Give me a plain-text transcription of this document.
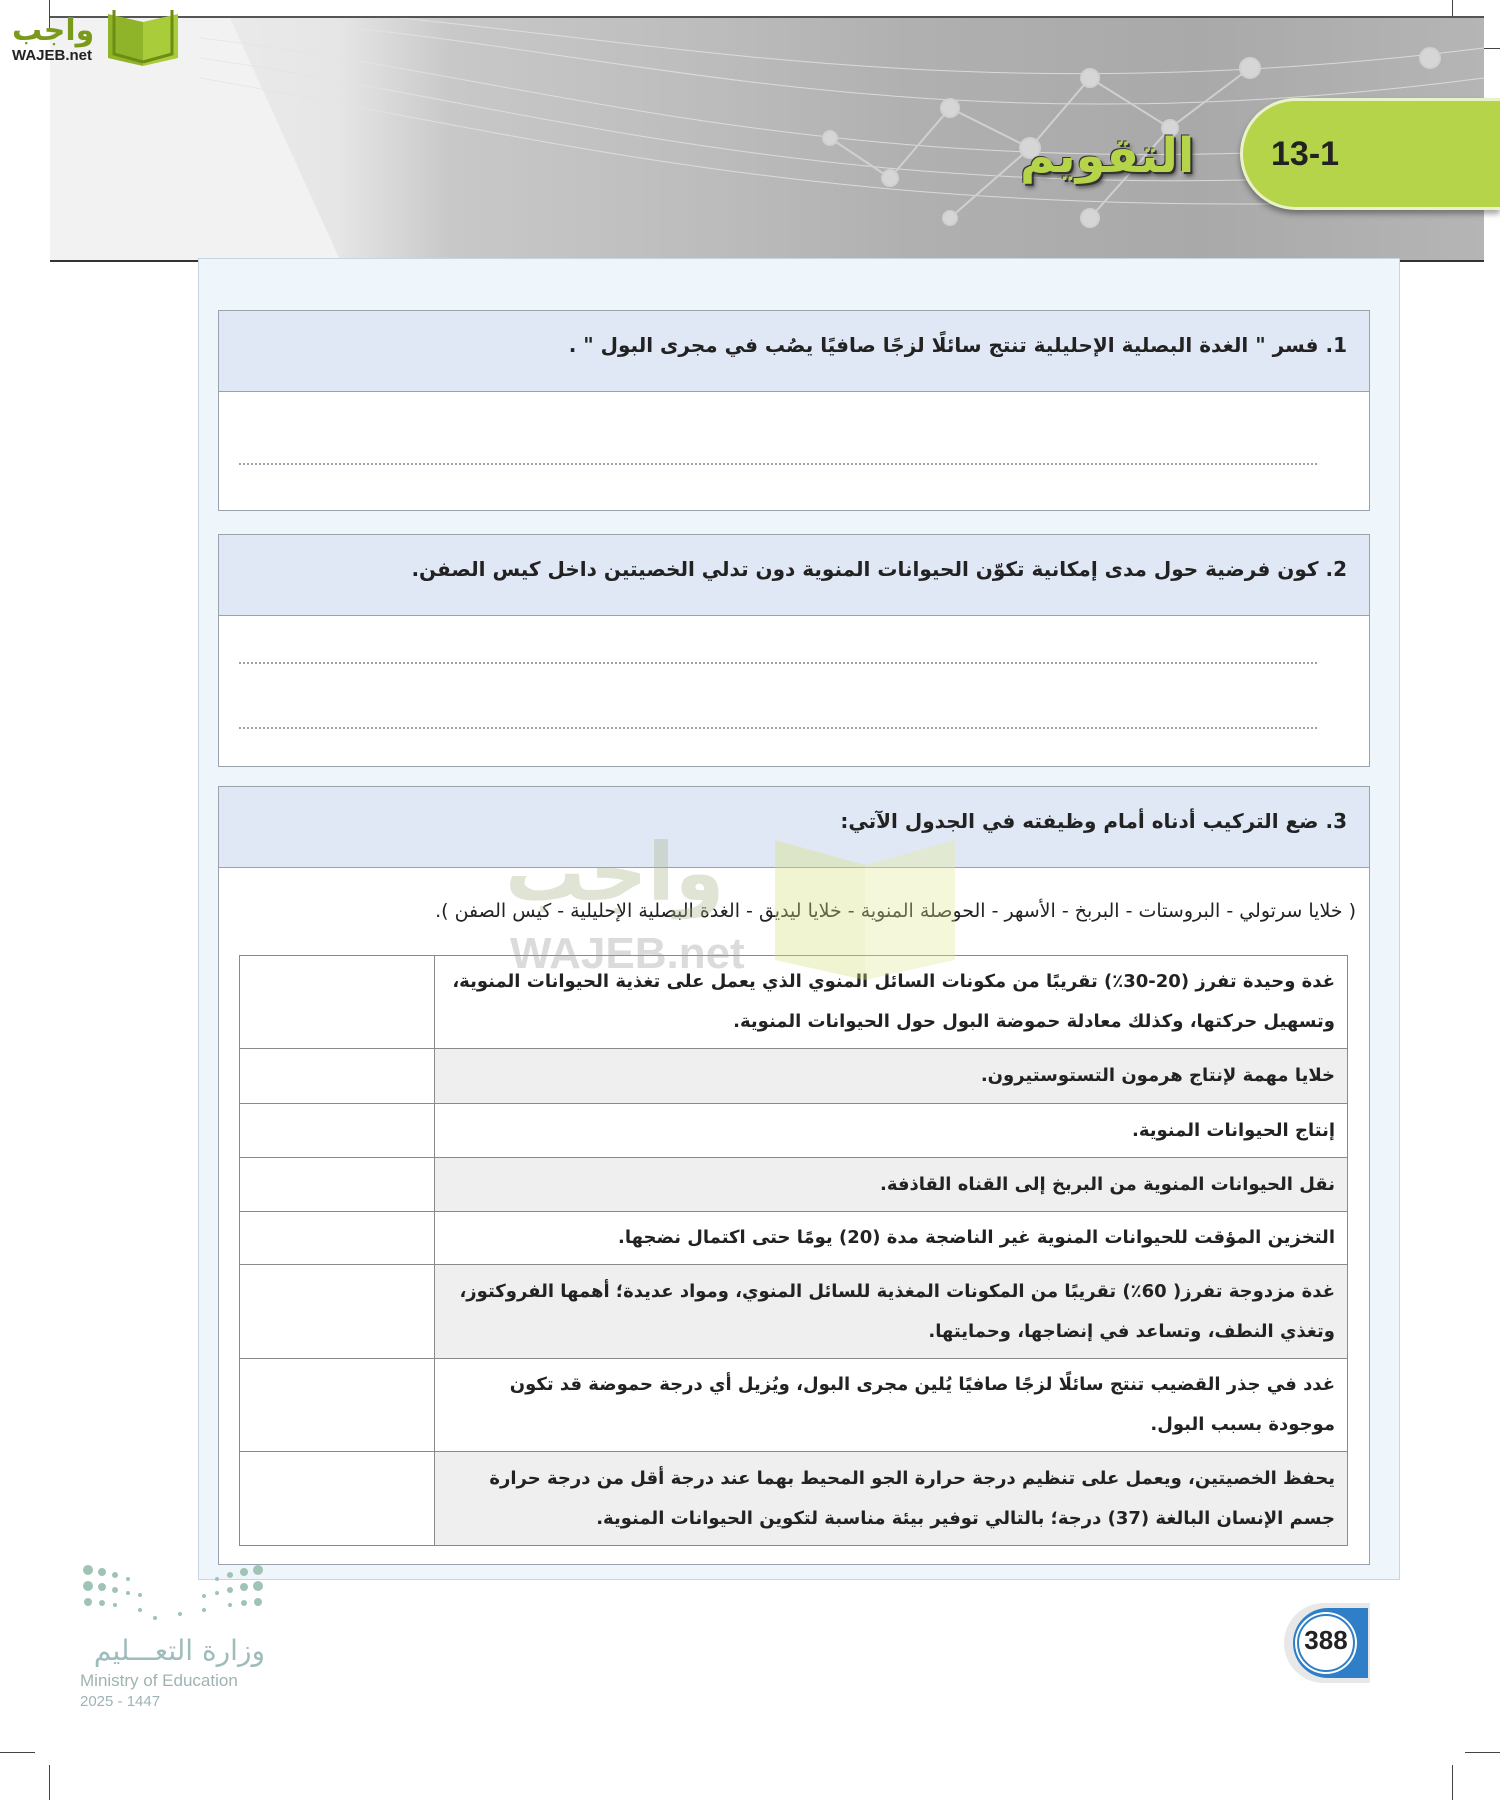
واجب
WAJEB.net
13-1
التقويم
1. فسر " الغدة البصلية الإحليلية تنتج سائلًا لزجًا صافيًا يصُب في مجرى البول " .
2. كون فرضية حول مدى إمكانية تكوّن الحيوانات المنوية دون تدلي الخصيتين داخل كيس الصفن.
3. ضع التركيب أدناه أمام وظيفته في الجدول الآتي:
( خلايا سرتولي - البروستات - البربخ - الأسهر - الحوصلة المنوية - خلايا ليديق - الغدة البصلية الإحليلية - كيس الصفن ).
غدة وحيدة تفرز (20-30٪) تقريبًا من مكونات السائل المنوي الذي يعمل على تغذية الحيوانات المنوية، وتسهيل حركتها، وكذلك معادلة حموضة البول حول الحيوانات المنوية.	
خلايا مهمة لإنتاج هرمون التستوستيرون.	
إنتاج الحيوانات المنوية.	
نقل الحيوانات المنوية من البربخ إلى القناه القاذفة.	
التخزين المؤقت للحيوانات المنوية غير الناضجة مدة (20) يومًا حتى اكتمال نضجها.	
غدة مزدوجة تفرز( 60٪) تقريبًا من المكونات المغذية للسائل المنوي، ومواد عديدة؛ أهمها الفروكتوز، وتغذي النطف، وتساعد في إنضاجها، وحمايتها.	
غدد في جذر القضيب تنتج سائلًا لزجًا صافيًا يُلين مجرى البول، ويُزيل أي درجة حموضة قد تكون موجودة بسبب البول.	
يحفظ الخصيتين، ويعمل على تنظيم درجة حرارة الجو المحيط بهما عند درجة أقل من درجة حرارة جسم الإنسان البالغة (37) درجة؛ بالتالي توفير بيئة مناسبة لتكوين الحيوانات المنوية.	
واجب
WAJEB.net
388
وزارة التعـــليم
Ministry of Education
2025 - 1447
